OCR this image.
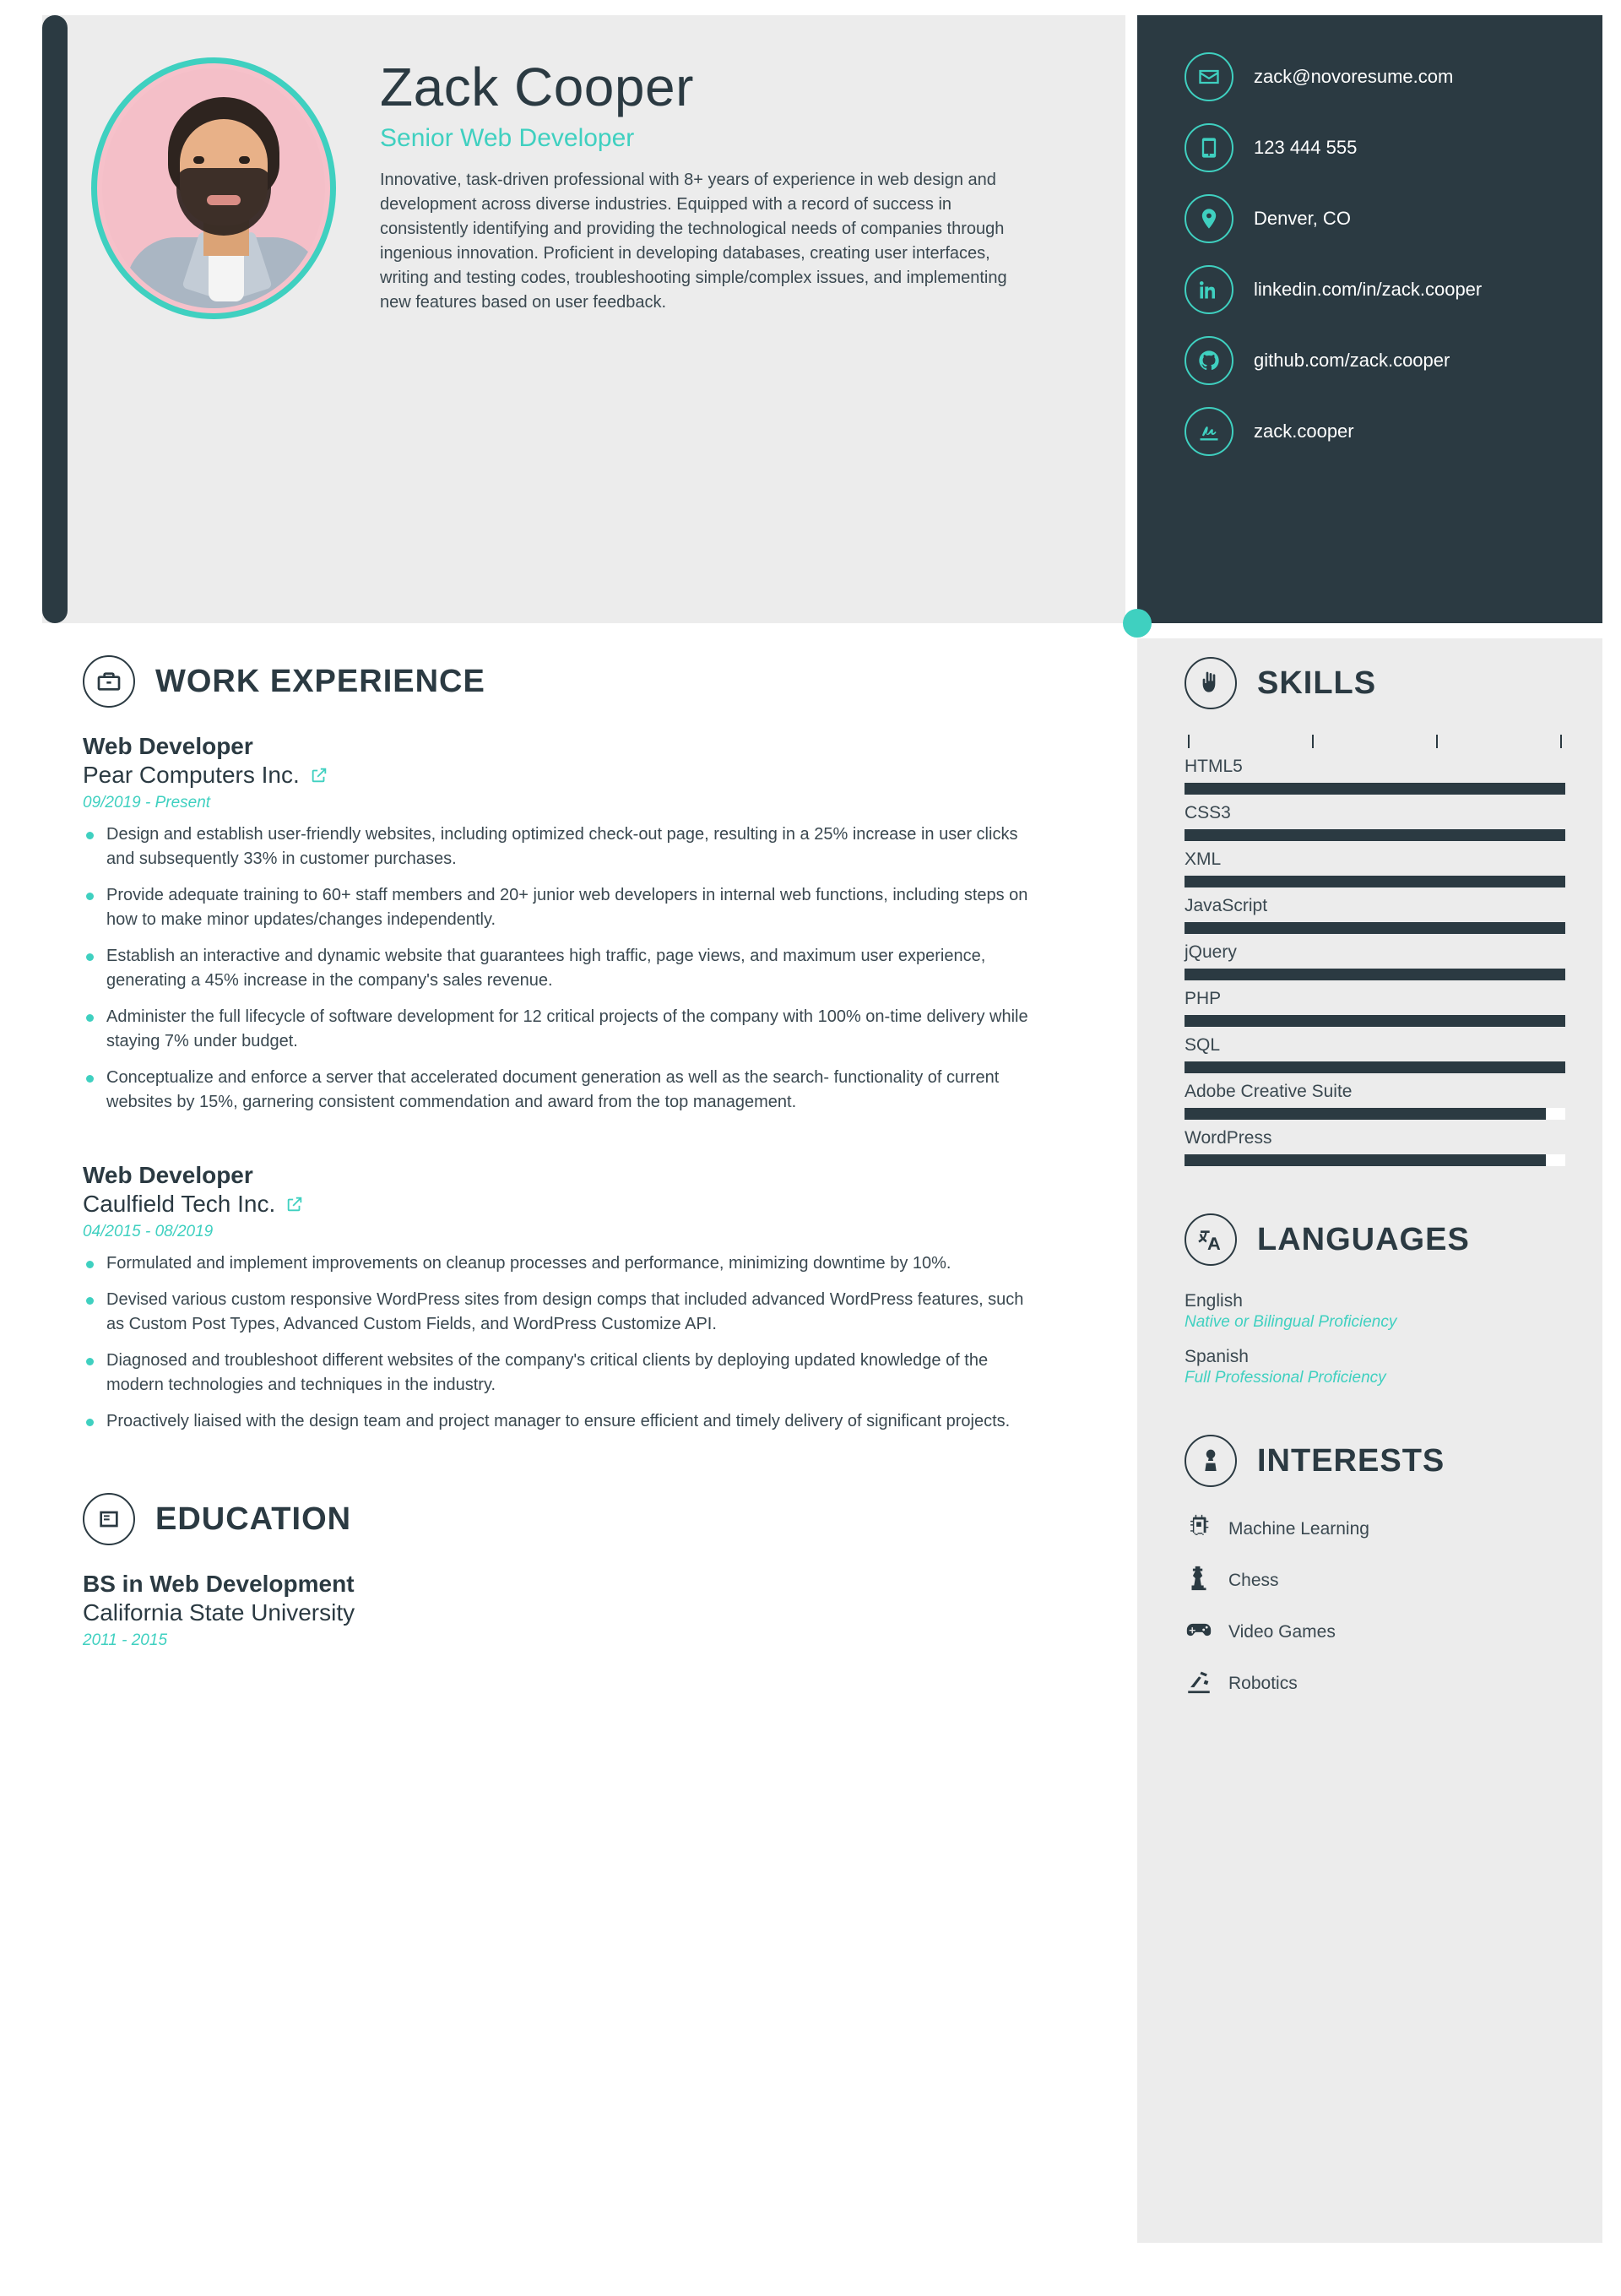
Zack Cooper
Senior Web Developer
Innovative, task-driven professional with 8+ years of experience in web design and development across diverse industries. Equipped with a record of success in consistently identifying and providing the technological needs of companies through ingenious innovation. Proficient in developing databases, creating user interfaces, writing and testing codes, troubleshooting simple/complex issues, and implementing new features based on user feedback.
zack@novoresume.com
123 444 555
Denver, CO
linkedin.com/in/zack.cooper
github.com/zack.cooper
zack.cooper
WORK EXPERIENCE
Web Developer
Pear Computers Inc.
09/2019 - Present
Design and establish user-friendly websites, including optimized check-out page, resulting in a 25% increase in user clicks and subsequently 33% in customer purchases.
Provide adequate training to 60+ staff members and 20+ junior web developers in internal web functions, including steps on how to make minor updates/changes independently.
Establish an interactive and dynamic website that guarantees high traffic, page views, and maximum user experience, generating a 45% increase in the company's sales revenue.
Administer the full lifecycle of software development for 12 critical projects of the company with 100% on-time delivery while staying 7% under budget.
Conceptualize and enforce a server that accelerated document generation as well as the search- functionality of current websites by 15%, garnering consistent commendation and award from the top management.
Web Developer
Caulfield Tech Inc.
04/2015 - 08/2019
Formulated and implement improvements on cleanup processes and performance, minimizing downtime by 10%.
Devised various custom responsive WordPress sites from design comps that included advanced WordPress features, such as Custom Post Types, Advanced Custom Fields, and WordPress Customize API.
Diagnosed and troubleshoot different websites of the company's critical clients by deploying updated knowledge of the modern technologies and techniques in the industry.
Proactively liaised with the design team and project manager to ensure efficient and timely delivery of significant projects.
EDUCATION
BS in Web Development
California State University
2011 - 2015
SKILLS
HTML5
CSS3
XML
JavaScript
jQuery
PHP
SQL
Adobe Creative Suite
WordPress
LANGUAGES
English
Native or Bilingual Proficiency
Spanish
Full Professional Proficiency
INTERESTS
Machine Learning
Chess
Video Games
Robotics
